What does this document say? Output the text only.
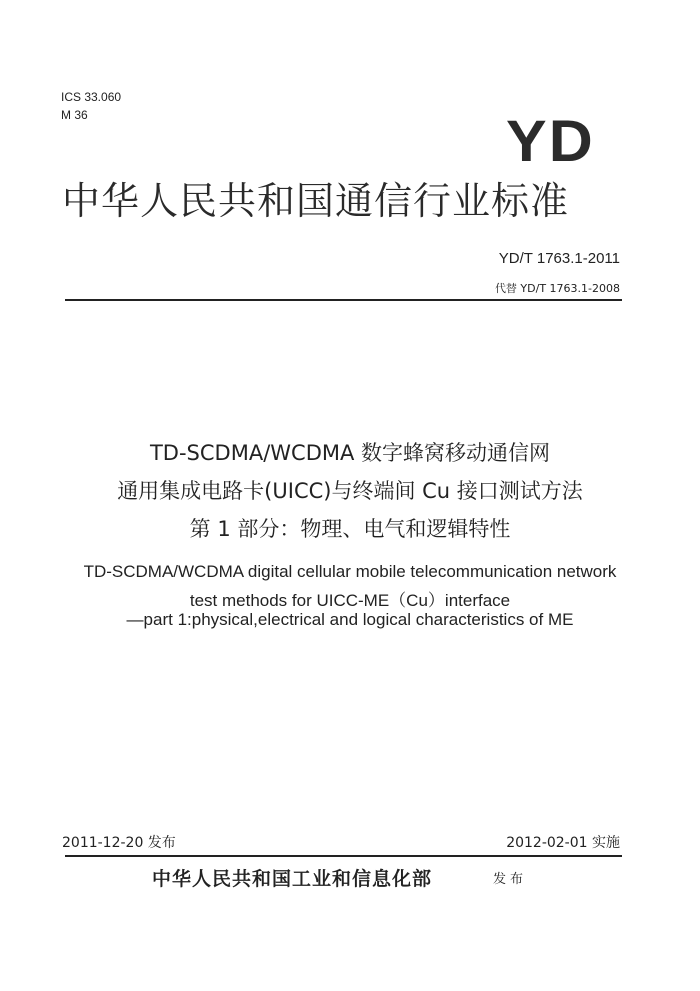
ICS 33.060
M 36	YD
中华人民共和国通信行业标准
YD/T 1763.1-2011
代替 YD/T 1763.1-2008
TD-SCDMA/WCDMA 数字蜂窝移动通信网
通用集成电路卡(UICC)与终端间 Cu 接口测试方法
第 1 部分：物理、电气和逻辑特性
TD-SCDMA/WCDMA digital cellular mobile telecommunication network
test methods for UICC-ME（Cu）interface
—part 1:physical,electrical and logical characteristics of ME
2011-12-20 发布	2012-02-01 实施
中华人民共和国工业和信息化部	发布
